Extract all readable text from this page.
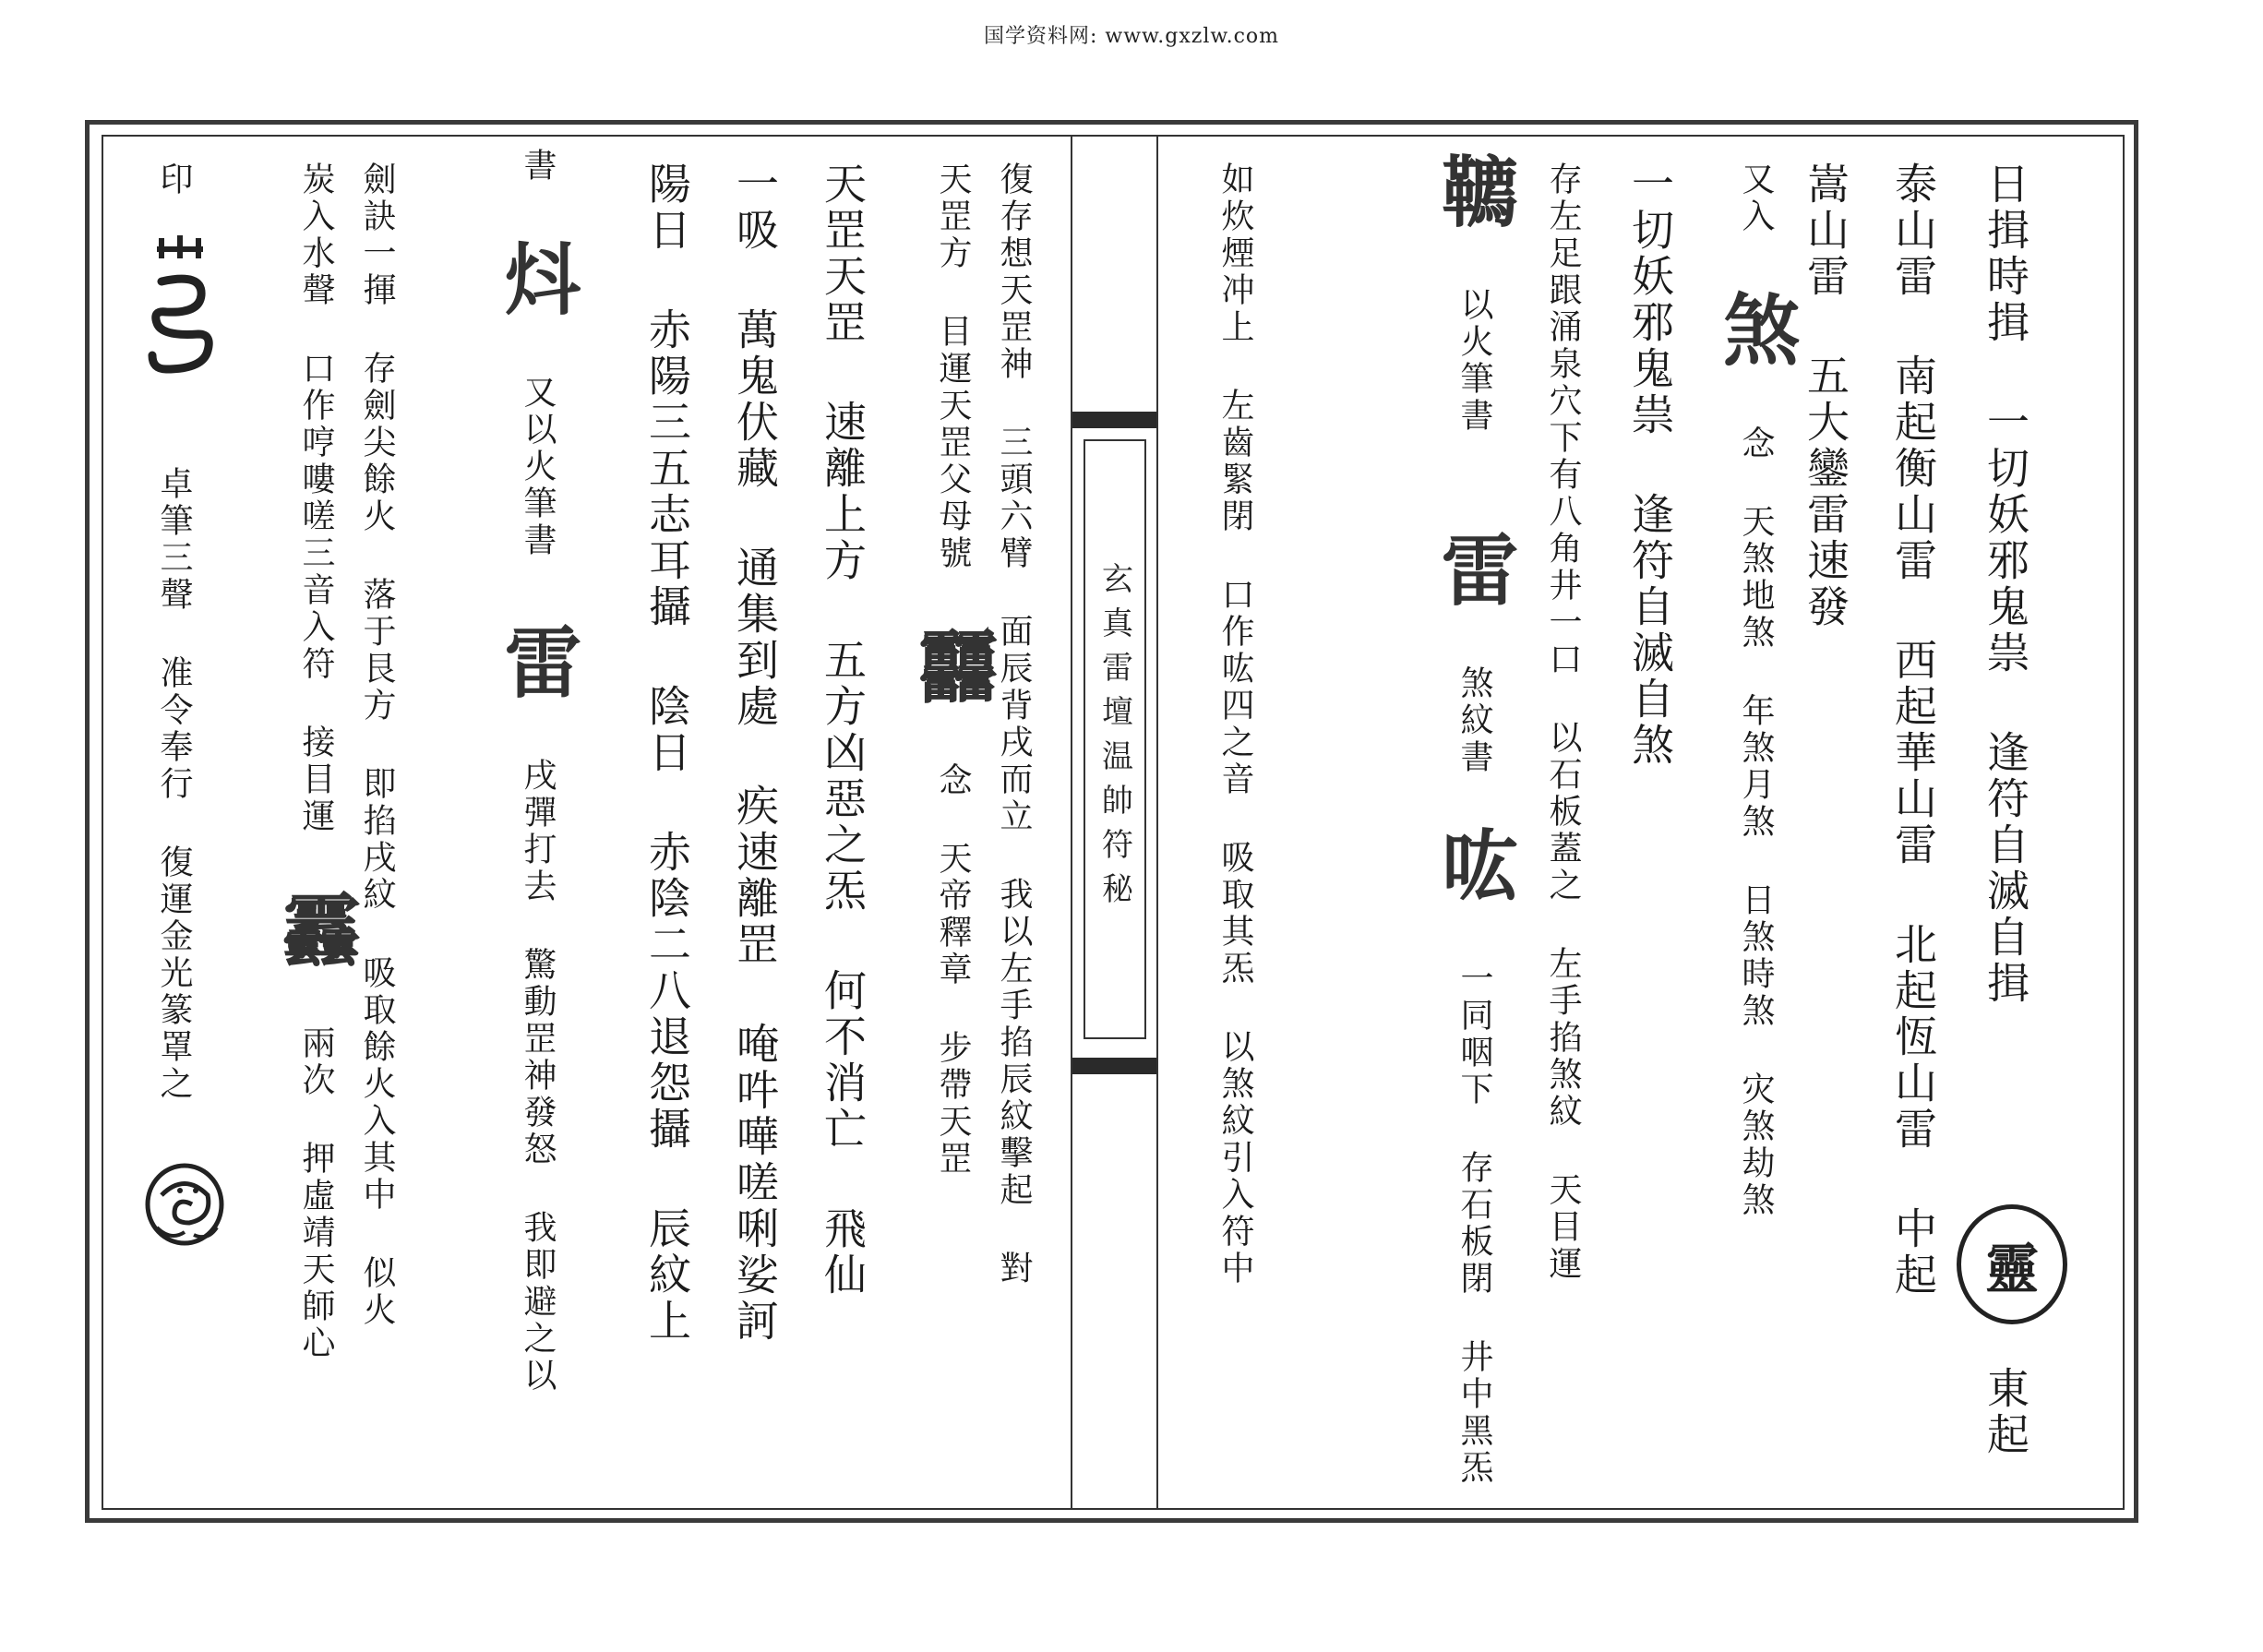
国学资料网: www.gxzlw.com
玄真雷壇温帥符秘	日揖時揖 一切妖邪鬼祟 逢符自滅自揖
東起
泰山雷 南起衡山雷 西起華山雷 北起恆山雷 中起
嵩山雷 五大鑾雷速發
又入 煞 念 天煞地煞 年煞月煞 日煞時煞 灾煞劫煞
一切妖邪鬼祟 逢符自滅自煞
存左足跟涌泉穴下有八角井一口 以石板蓋之 左手掐煞紋 天目運
韀 以火筆書
雷 煞紋書
吰 一同咽下 存石板閉 井中黑炁
如炊煙冲上 左齒緊閉 口作吰四之音 吸取其炁 以煞紋引入符中	靈
復存想天罡神 三頭六臂 面辰背戌而立 我以左手掐辰紋擊起 對
天罡方 目運天罡父母號 䨻 念 天帝釋章 步帶天罡
天罡天罡 速離上方 五方凶惡之炁 何不消亡 飛仙
一吸 萬鬼伏藏 通集到處 疾速離罡 唵吽嘩嗟唎娑訶
陽日 赤陽三五志耳攝 陰日 赤陰二八退怨攝 辰紋上
書 炓 又以火筆書
雷 戌彈打去 驚動罡神發怒 我即避之以
劍訣一揮 存劍尖餘火 落于艮方 即掐戌紋 吸取餘火入其中 似火
炭入水聲 口作哼嘍嗟三音入符 接目運 䨺 兩次 押虛靖天師心
印  卓筆三聲 准令奉行 復運金光篆罩之
